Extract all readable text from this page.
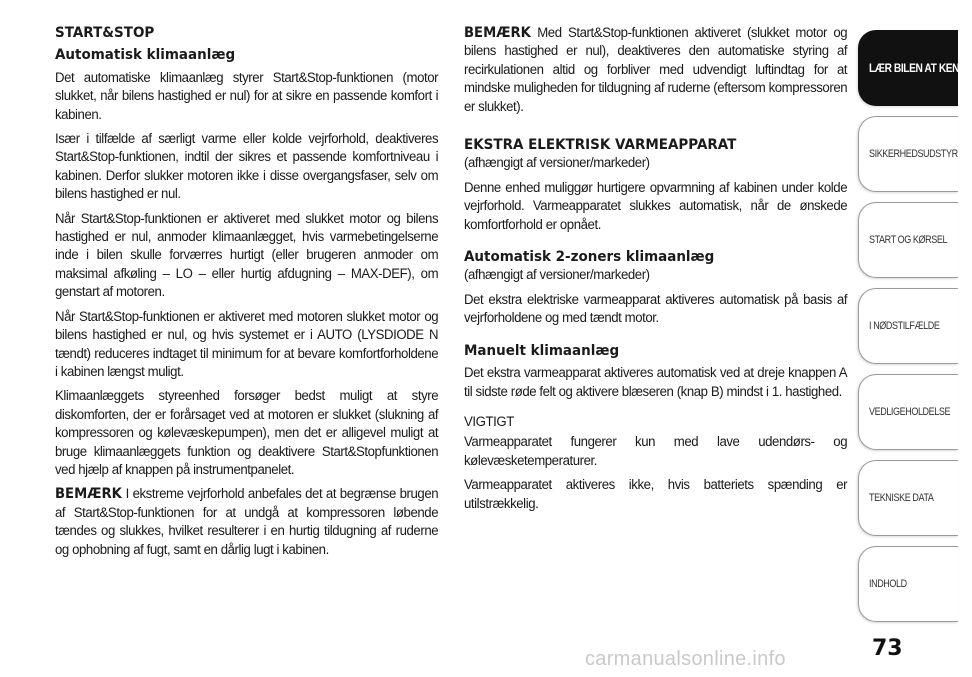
START&STOP
Automatisk klimaanlæg

Det automatiske klimaanlæg styrer Start&Stop-funktionen (motor slukket, når bilens hastighed er nul) for at sikre en passende komfort i kabinen.

Især i tilfælde af særligt varme eller kolde vejrforhold, deaktiveres Start&Stop-funktionen, indtil der sikres et passende komfortniveau i kabinen. Derfor slukker motoren ikke i disse overgangsfaser, selv om bilens hastighed er nul.

Når Start&Stop-funktionen er aktiveret med slukket motor og bilens hastighed er nul, anmoder klimaanlægget, hvis varmebetingelserne inde i bilen skulle forværres hurtigt (eller brugeren anmoder om maksimal afkøling – LO – eller hurtig afdugning – MAX-DEF), om genstart af motoren.

Når Start&Stop-funktionen er aktiveret med motoren slukket motor og bilens hastighed er nul, og hvis systemet er i AUTO (LYSDIODE N tændt) reduceres indtaget til minimum for at bevare komfortforholdene i kabinen længst muligt.

Klimaanlæggets styreenhed forsøger bedst muligt at styre diskomforten, der er forårsaget ved at motoren er slukket (slukning af kompressoren og kølevæskepumpen), men det er alligevel muligt at bruge klimaanlæggets funktion og deaktivere Start&Stopfunktionen ved hjælp af knappen på instrumentpanelet.

BEMÆRK I ekstreme vejrforhold anbefales det at begrænse brugen af Start&Stop-funktionen for at undgå at kompressoren løbende tændes og slukkes, hvilket resulterer i en hurtig tildugning af ruderne og ophobning af fugt, samt en dårlig lugt i kabinen.

BEMÆRK Med Start&Stop-funktionen aktiveret (slukket motor og bilens hastighed er nul), deaktiveres den automatiske styring af recirkulationen altid og forbliver med udvendigt luftindtag for at mindske muligheden for tildugning af ruderne (eftersom kompressoren er slukket).

EKSTRA ELEKTRISK VARMEAPPARAT
(afhængigt af versioner/markeder)

Denne enhed muliggør hurtigere opvarmning af kabinen under kolde vejrforhold. Varmeapparatet slukkes automatisk, når de ønskede komfortforhold er opnået.

Automatisk 2-zoners klimaanlæg
(afhængigt af versioner/markeder)

Det ekstra elektriske varmeapparat aktiveres automatisk på basis af vejrforholdene og med tændt motor.

Manuelt klimaanlæg

Det ekstra varmeapparat aktiveres automatisk ved at dreje knappen A til sidste røde felt og aktivere blæseren (knap B) mindst i 1. hastighed.

VIGTIGT

Varmeapparatet fungerer kun med lave udendørs- og kølevæsketemperaturer.

Varmeapparatet aktiveres ikke, hvis batteriets spænding er utilstrækkelig.

LÆR BILEN AT KENDE
SIKKERHEDSUDSTYR
START OG KØRSEL
I NØDSTILFÆLDE
VEDLIGEHOLDELSE
TEKNISKE DATA
INDHOLD
73
carmanualsonline.info
